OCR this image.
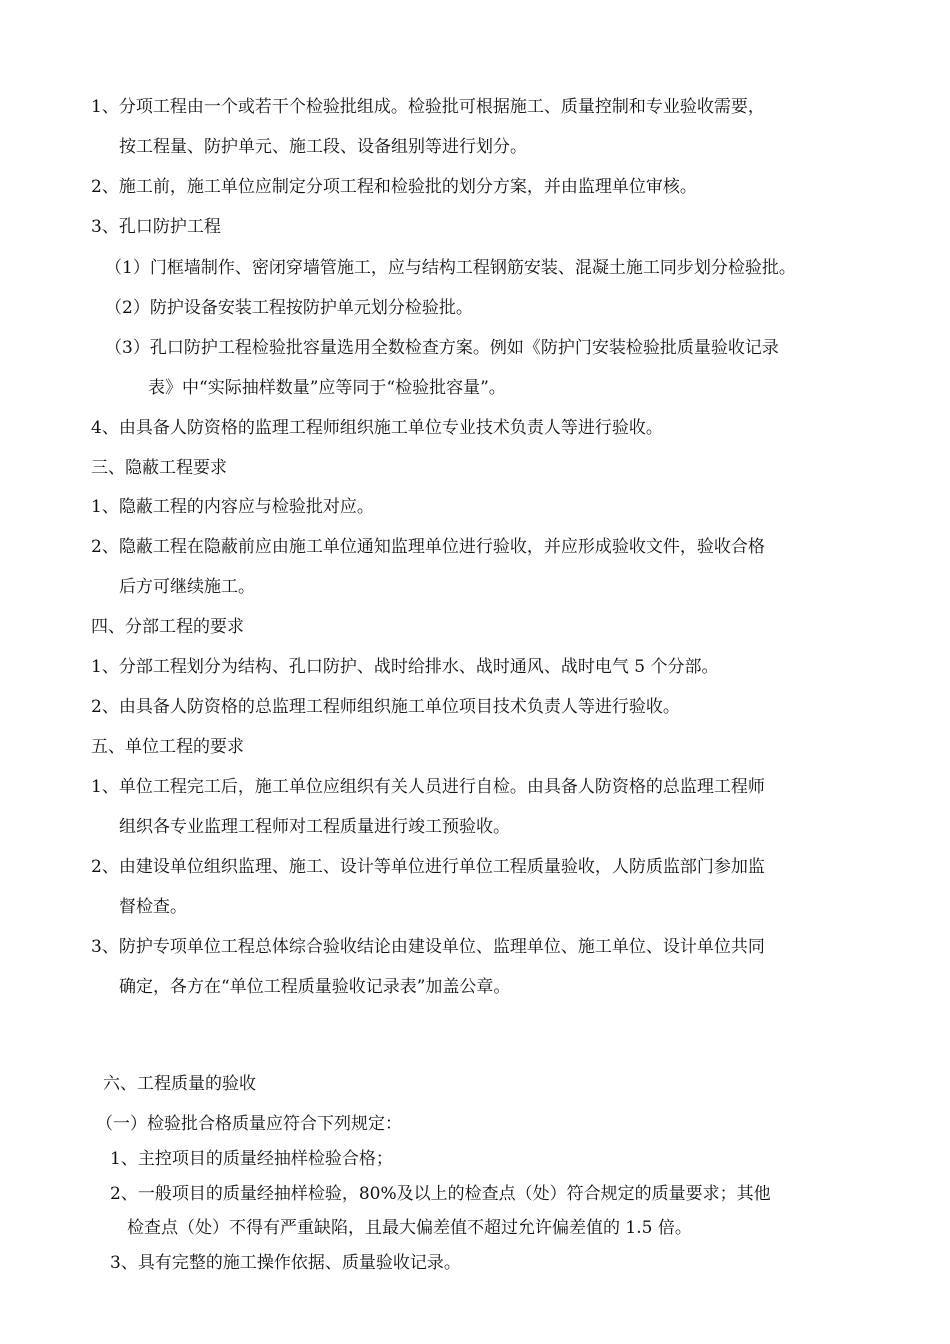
1、分项工程由一个或若干个检验批组成。检验批可根据施工、质量控制和专业验收需要，
按工程量、防护单元、施工段、设备组别等进行划分。
2、施工前，施工单位应制定分项工程和检验批的划分方案，并由监理单位审核。
3、孔口防护工程
（1）门框墙制作、密闭穿墙管施工，应与结构工程钢筋安装、混凝土施工同步划分检验批。
（2）防护设备安装工程按防护单元划分检验批。
（3）孔口防护工程检验批容量选用全数检查方案。例如《防护门安装检验批质量验收记录
表》中“实际抽样数量”应等同于“检验批容量”。
4、由具备人防资格的监理工程师组织施工单位专业技术负责人等进行验收。
三、隐蔽工程要求
1、隐蔽工程的内容应与检验批对应。
2、隐蔽工程在隐蔽前应由施工单位通知监理单位进行验收，并应形成验收文件，验收合格
后方可继续施工。
四、分部工程的要求
1、分部工程划分为结构、孔口防护、战时给排水、战时通风、战时电气 5 个分部。
2、由具备人防资格的总监理工程师组织施工单位项目技术负责人等进行验收。
五、单位工程的要求
1、单位工程完工后，施工单位应组织有关人员进行自检。由具备人防资格的总监理工程师
组织各专业监理工程师对工程质量进行竣工预验收。
2、由建设单位组织监理、施工、设计等单位进行单位工程质量验收，人防质监部门参加监
督检查。
3、防护专项单位工程总体综合验收结论由建设单位、监理单位、施工单位、设计单位共同
确定，各方在“单位工程质量验收记录表”加盖公章。
六、工程质量的验收
（一）检验批合格质量应符合下列规定：
1、主控项目的质量经抽样检验合格；
2、一般项目的质量经抽样检验，80%及以上的检查点（处）符合规定的质量要求；其他
检查点（处）不得有严重缺陷，且最大偏差值不超过允许偏差值的 1.5 倍。
3、具有完整的施工操作依据、质量验收记录。
